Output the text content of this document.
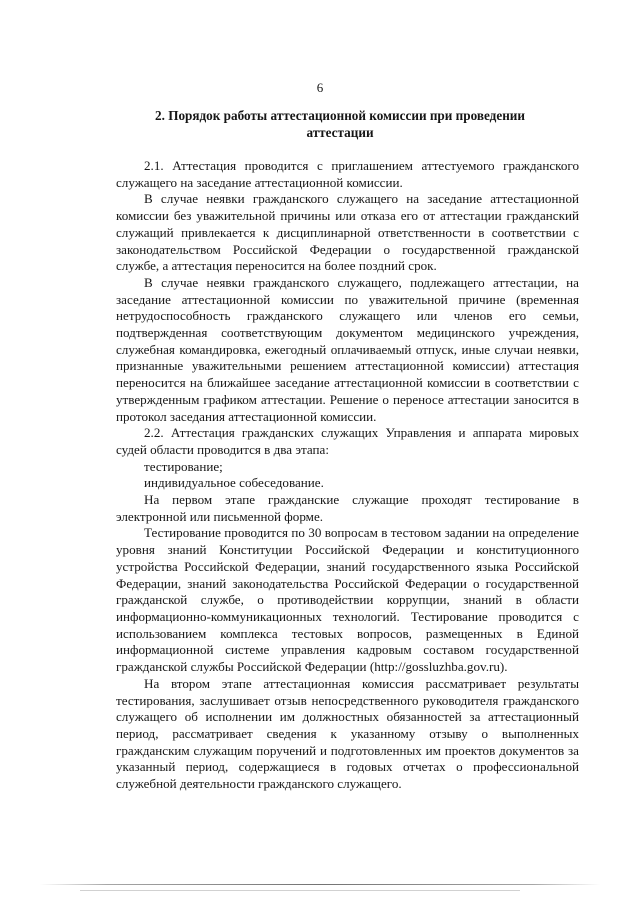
6
2. Порядок работы аттестационной комиссии при проведении аттестации

2.1. Аттестация проводится с приглашением аттестуемого гражданского служащего на заседание аттестационной комиссии.

В случае неявки гражданского служащего на заседание аттестационной комиссии без уважительной причины или отказа его от аттестации гражданский служащий привлекается к дисциплинарной ответственности в соответствии с законодательством Российской Федерации о государственной гражданской службе, а аттестация переносится на более поздний срок.

В случае неявки гражданского служащего, подлежащего аттестации, на заседание аттестационной комиссии по уважительной причине (временная нетрудоспособность гражданского служащего или членов его семьи, подтвержденная соответствующим документом медицинского учреждения, служебная командировка, ежегодный оплачиваемый отпуск, иные случаи неявки, признанные уважительными решением аттестационной комиссии) аттестация переносится на ближайшее заседание аттестационной комиссии в соответствии с утвержденным графиком аттестации. Решение о переносе аттестации заносится в протокол заседания аттестационной комиссии.

2.2. Аттестация гражданских служащих Управления и аппарата мировых судей области проводится в два этапа:

тестирование;

индивидуальное собеседование.

На первом этапе гражданские служащие проходят тестирование в электронной или письменной форме.

Тестирование проводится по 30 вопросам в тестовом задании на определение уровня знаний Конституции Российской Федерации и конституционного устройства Российской Федерации, знаний государственного языка Российской Федерации, знаний законодательства Российской Федерации о государственной гражданской службе, о противодействии коррупции, знаний в области информационно-коммуникационных технологий. Тестирование проводится с использованием комплекса тестовых вопросов, размещенных в Единой информационной системе управления кадровым составом государственной гражданской службы Российской Федерации (http://gossluzhba.gov.ru).

На втором этапе аттестационная комиссия рассматривает результаты тестирования, заслушивает отзыв непосредственного руководителя гражданского служащего об исполнении им должностных обязанностей за аттестационный период, рассматривает сведения к указанному отзыву о выполненных гражданским служащим поручений и подготовленных им проектов документов за указанный период, содержащиеся в годовых отчетах о профессиональной служебной деятельности гражданского служащего.
